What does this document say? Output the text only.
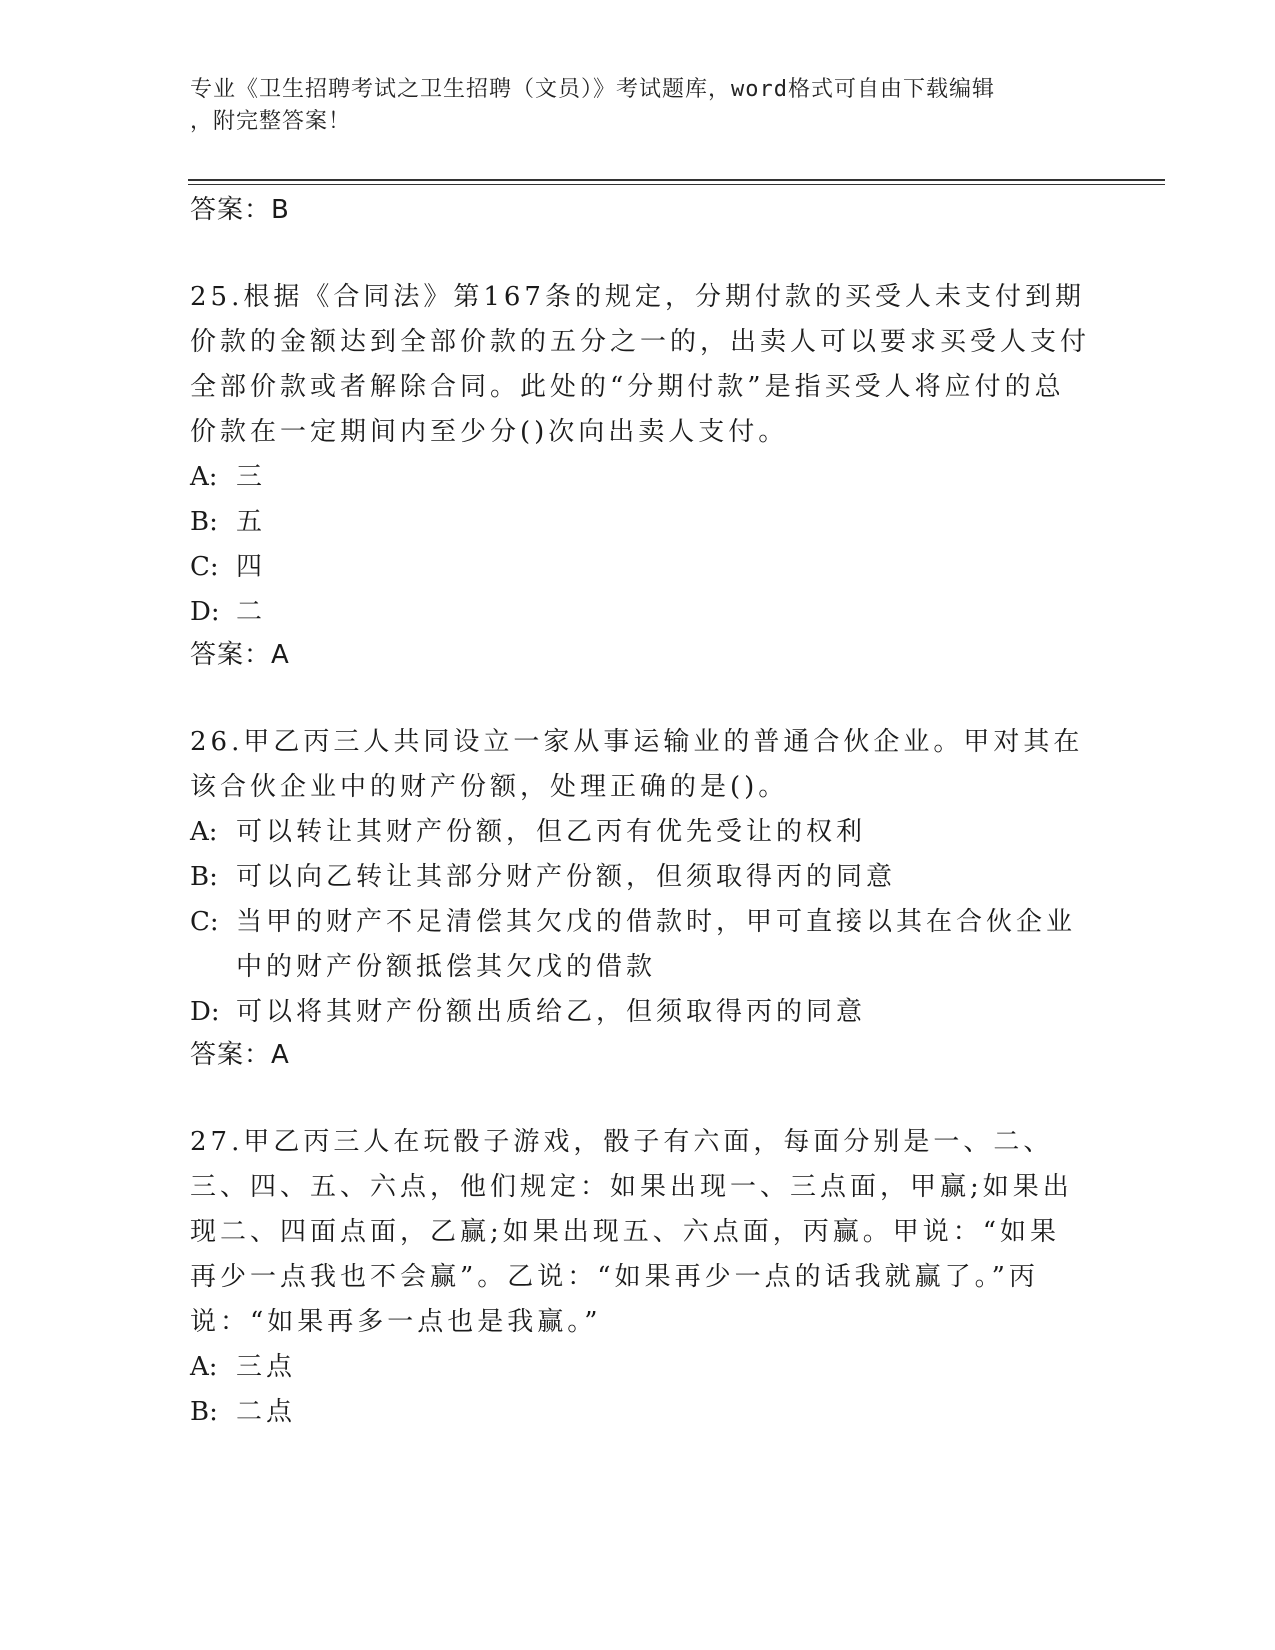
专业《卫生招聘考试之卫生招聘（文员）》考试题库，word格式可自由下载编辑
，附完整答案！

答案：B

25.根据《合同法》第167条的规定，分期付款的买受人未支付到期价款的金额达到全部价款的五分之一的，出卖人可以要求买受人支付全部价款或者解除合同。此处的“分期付款”是指买受人将应付的总价款在一定期间内至少分()次向出卖人支付。

A: 三

B: 五

C: 四

D: 二

答案：A

26.甲乙丙三人共同设立一家从事运输业的普通合伙企业。甲对其在该合伙企业中的财产份额，处理正确的是()。

A: 可以转让其财产份额，但乙丙有优先受让的权利

B: 可以向乙转让其部分财产份额，但须取得丙的同意

C: 当甲的财产不足清偿其欠戊的借款时，甲可直接以其在合伙企业中的财产份额抵偿其欠戊的借款

D: 可以将其财产份额出质给乙，但须取得丙的同意

答案：A

27.甲乙丙三人在玩骰子游戏，骰子有六面，每面分别是一、二、三、四、五、六点，他们规定：如果出现一、三点面，甲赢;如果出现二、四面点面，乙赢;如果出现五、六点面，丙赢。甲说：“如果再少一点我也不会赢”。乙说：“如果再少一点的话我就赢了。”丙说：“如果再多一点也是我赢。”

A: 三点

B: 二点
